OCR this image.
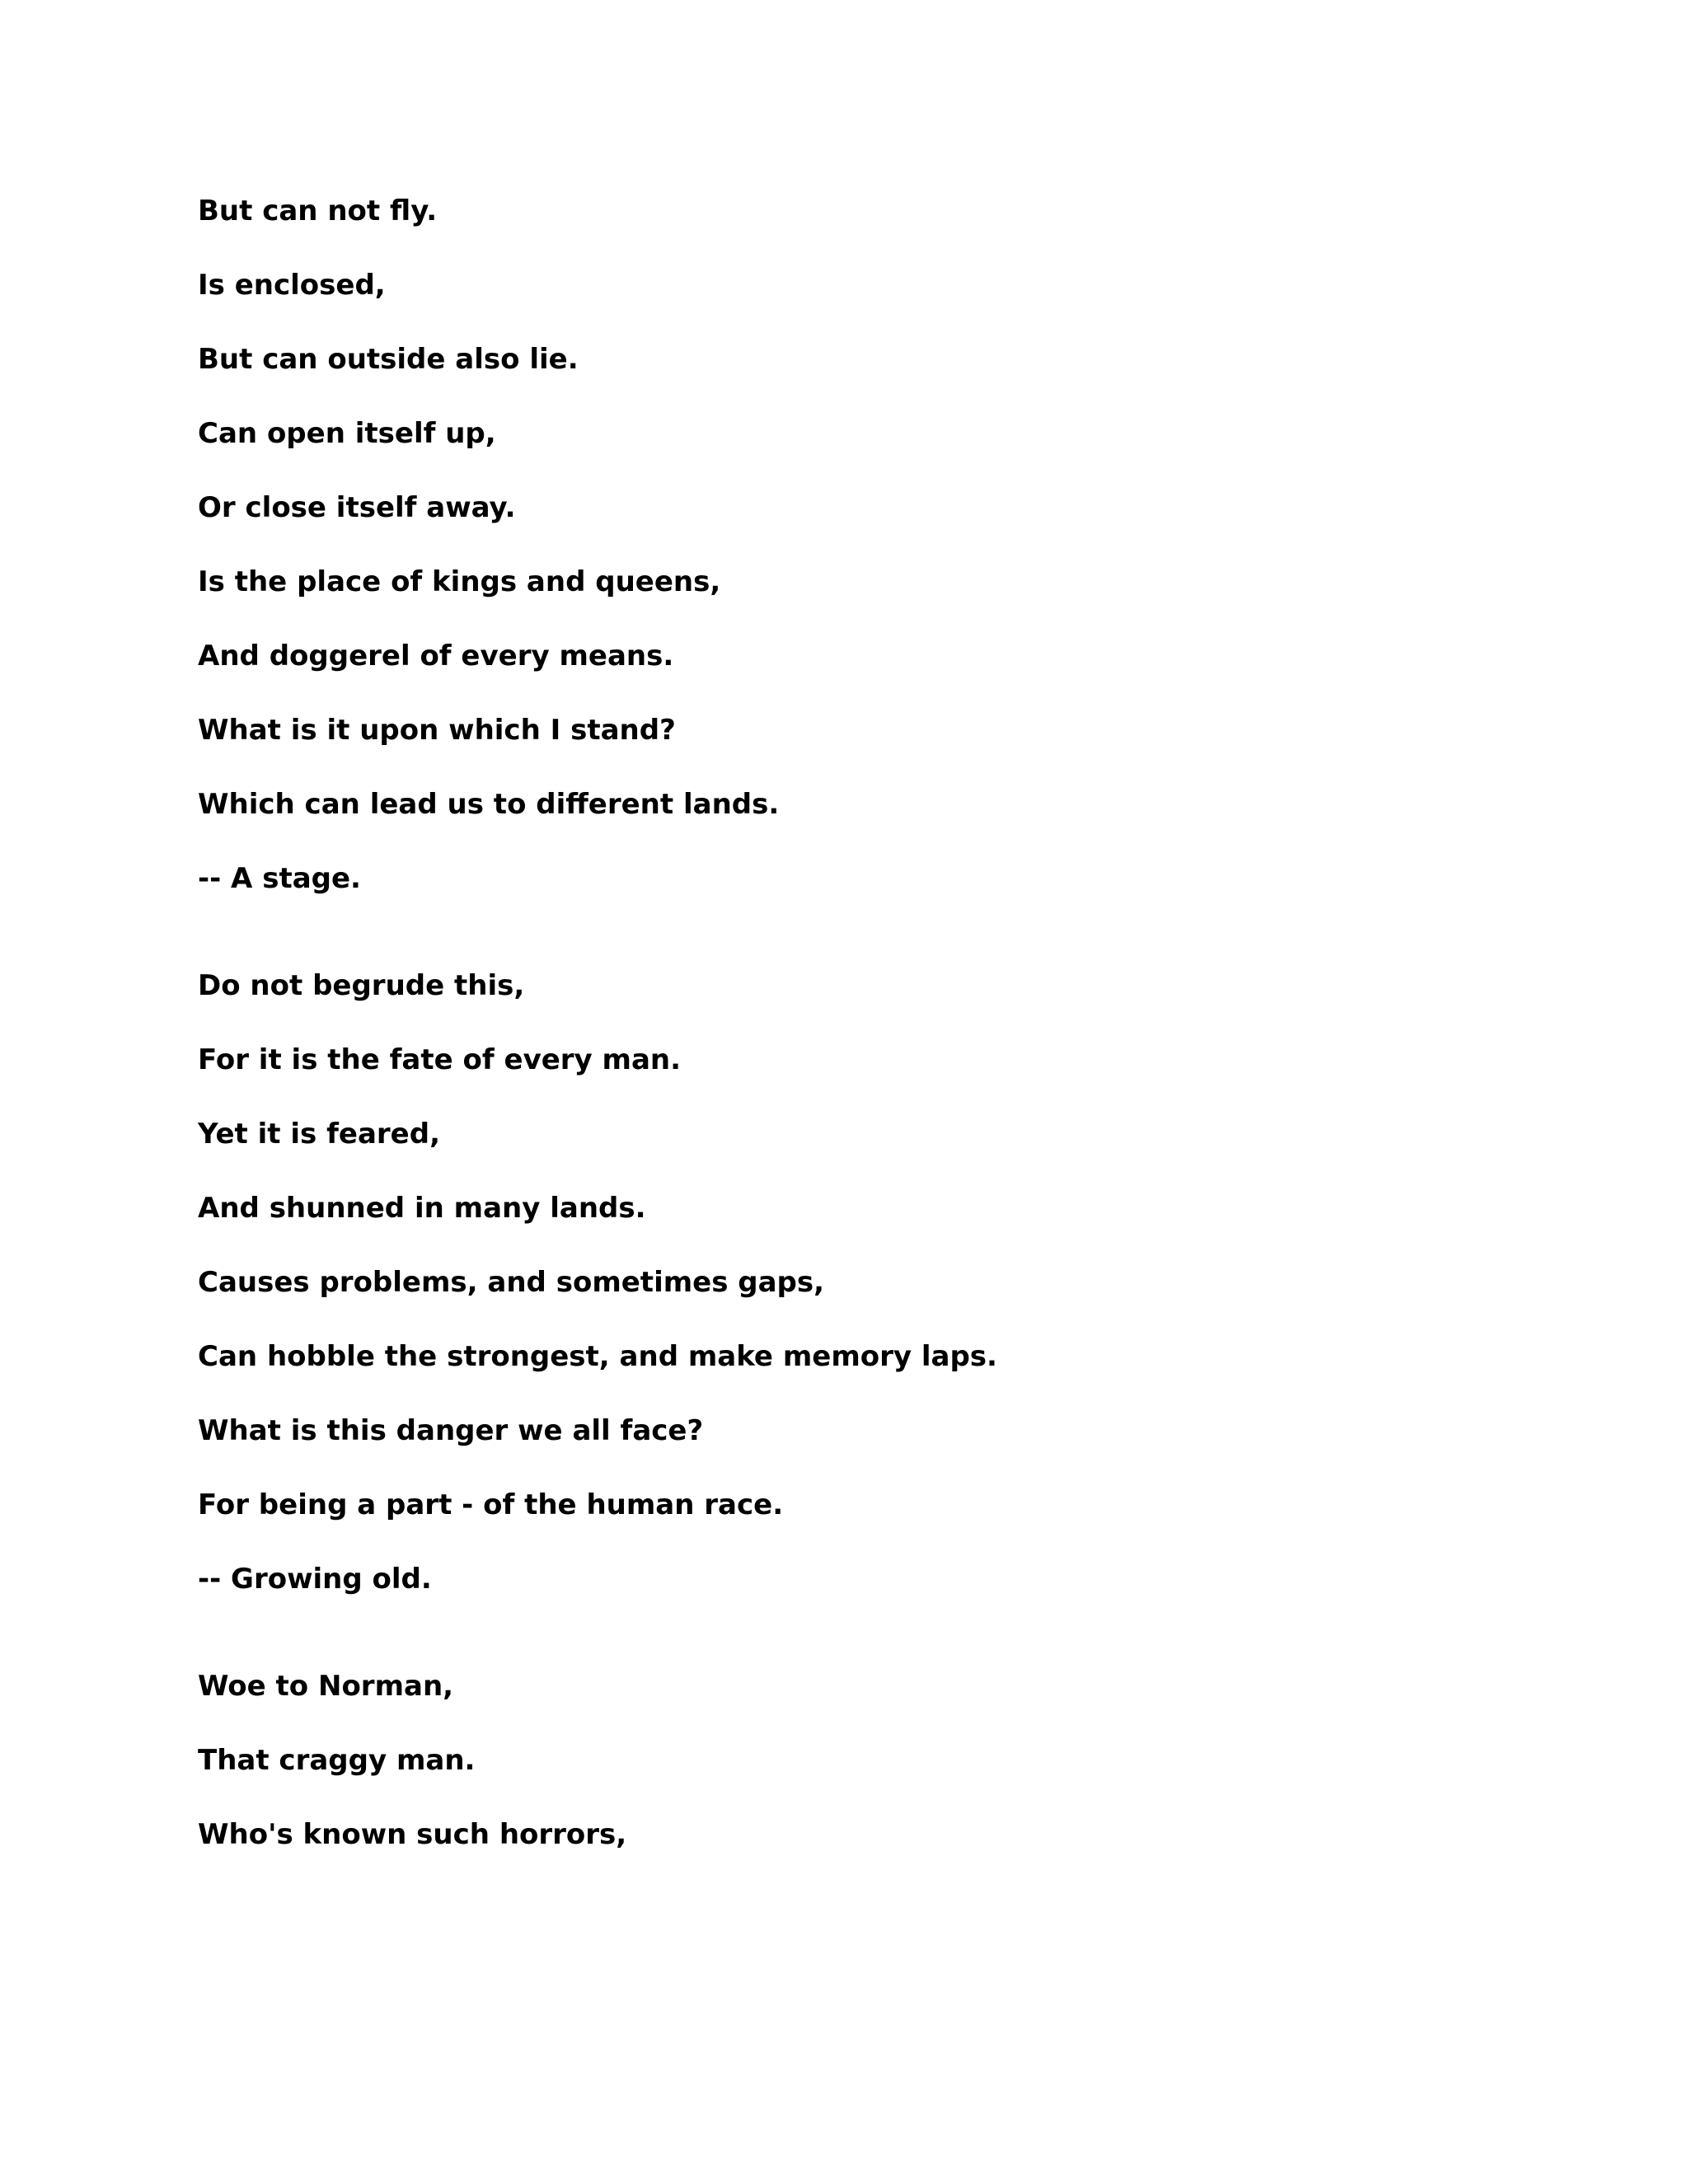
But can not fly.
Is enclosed,
But can outside also lie.
Can open itself up,
Or close itself away.
Is the place of kings and queens,
And doggerel of every means.
What is it upon which I stand?
Which can lead us to different lands.
-- A stage.
Do not begrude this,
For it is the fate of every man.
Yet it is feared,
And shunned in many lands.
Causes problems, and sometimes gaps,
Can hobble the strongest, and make memory laps.
What is this danger we all face?
For being a part - of the human race.
-- Growing old.
Woe to Norman,
That craggy man.
Who's known such horrors,
